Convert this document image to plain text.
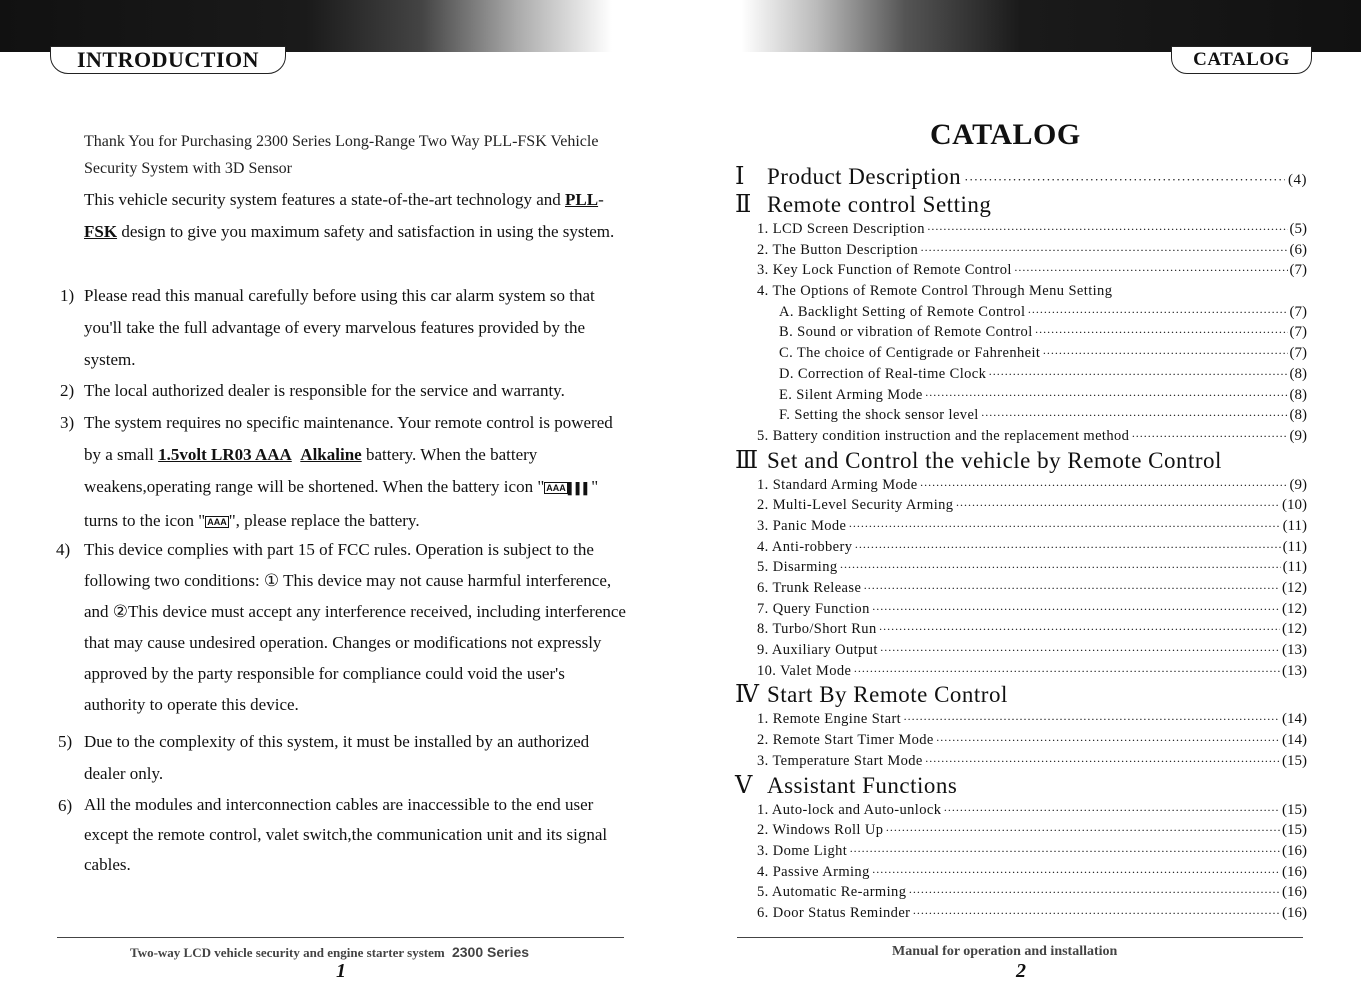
INTRODUCTION	CATALOG
Thank You for Purchasing 2300 Series Long-Range Two Way PLL-FSK Vehicle Security System with 3D Sensor
This vehicle security system features a state-of-the-art technology and PLL-FSK design to give you maximum safety and satisfaction in using the system.
1) Please read this manual carefully before using this car alarm system so that you'll take the full advantage of every marvelous features provided by the system.
2) The local authorized dealer is responsible for the service and warranty.
3) The system requires no specific maintenance. Your remote control is powered by a small 1.5volt LR03 AAA Alkaline battery. When the battery weakens,operating range will be shortened. When the battery icon " AAA ▌▌▌" turns to the icon " AAA ", please replace the battery.
4) This device complies with part 15 of FCC rules. Operation is subject to the following two conditions: ① This device may not cause harmful interference, and ②This device must accept any interference received, including interference that may cause undesired operation. Changes or modifications not expressly approved by the party responsible for compliance could void the user's authority to operate this device.
5) Due to the complexity of this system, it must be installed by an authorized dealer only.
6) All the modules and interconnection cables are inaccessible to the end user except the remote control, valet switch,the communication unit and its signal cables.
Two-way LCD vehicle security and engine starter system 2300 Series
1
CATALOG
Ⅰ Product Description ·····	(4)
Ⅱ Remote control Setting
1. LCD Screen Description ·····	(5)
2. The Button Description ·····	(6)
3. Key Lock Function of Remote Control ·····	(7)
4. The Options of Remote Control Through Menu Setting
A. Backlight Setting of Remote Control ·····	(7)
B. Sound or vibration of Remote Control ·····	(7)
C. The choice of Centigrade or Fahrenheit ·····	(7)
D. Correction of Real-time Clock ·····	(8)
E. Silent Arming Mode ·····	(8)
F. Setting the shock sensor level ·····	(8)
5. Battery condition instruction and the replacement method ·····	(9)
Ⅲ Set and Control the vehicle by Remote Control
1. Standard Arming Mode ·····	(9)
2. Multi-Level Security Arming ·····	(10)
3. Panic Mode ·····	(11)
4. Anti-robbery ·····	(11)
5. Disarming ·····	(11)
6. Trunk Release ·····	(12)
7. Query Function ·····	(12)
8. Turbo/Short Run ·····	(12)
9. Auxiliary Output ·····	(13)
10. Valet Mode ·····	(13)
Ⅳ Start By Remote Control
1. Remote Engine Start ·····	(14)
2. Remote Start Timer Mode ·····	(14)
3. Temperature Start Mode ·····	(15)
Ⅴ Assistant Functions
1. Auto-lock and Auto-unlock ·····	(15)
2. Windows Roll Up ·····	(15)
3. Dome Light ·····	(16)
4. Passive Arming ·····	(16)
5. Automatic Re-arming ·····	(16)
6. Door Status Reminder ·····	(16)
Manual for operation and installation
2
